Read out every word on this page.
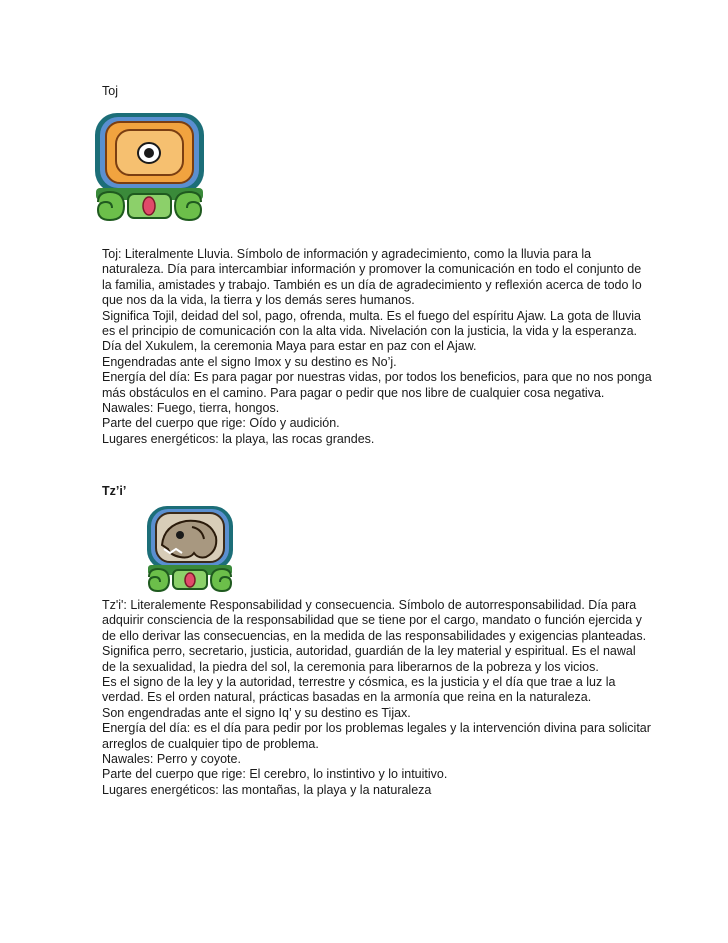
Toj
Toj: Literalmente Lluvia. Símbolo de información y agradecimiento, como la lluvia para la
naturaleza. Día para intercambiar información y promover la comunicación en todo el conjunto de
la familia, amistades y trabajo. También es un día de agradecimiento y reflexión acerca de todo lo
que nos da la vida, la tierra y los demás seres humanos.
Significa Tojil, deidad del sol, pago, ofrenda, multa. Es el fuego del espíritu Ajaw. La gota de lluvia
es el principio de comunicación con la alta vida. Nivelación con la justicia, la vida y la esperanza.
Día del Xukulem, la ceremonia Maya para estar en paz con el Ajaw.
Engendradas ante el signo Imox y su destino es No’j.
Energía del día: Es para pagar por nuestras vidas, por todos los beneficios, para que no nos ponga
más obstáculos en el camino. Para pagar o pedir que nos libre de cualquier cosa negativa.
Nawales: Fuego, tierra, hongos.
Parte del cuerpo que rige: Oído y audición.
Lugares energéticos: la playa, las rocas grandes.
Tz’i’
Tz'i': Literalemente Responsabilidad y consecuencia. Símbolo de autorresponsabilidad. Día para
adquirir consciencia de la responsabilidad que se tiene por el cargo, mandato o función ejercida y
de ello derivar las consecuencias, en la medida de las responsabilidades y exigencias planteadas.
Significa perro, secretario, justicia, autoridad, guardián de la ley material y espiritual. Es el nawal
de la sexualidad, la piedra del sol, la ceremonia para liberarnos de la pobreza y los vicios.
Es el signo de la ley y la autoridad, terrestre y cósmica, es la justicia y el día que trae a luz la
verdad. Es el orden natural, prácticas basadas en la armonía que reina en la naturaleza.
Son engendradas ante el signo Iq’ y su destino es Tijax.
Energía del día: es el día para pedir por los problemas legales y la intervención divina para solicitar
arreglos de cualquier tipo de problema.
Nawales: Perro y coyote.
Parte del cuerpo que rige: El cerebro, lo instintivo y lo intuitivo.
Lugares energéticos: las montañas, la playa y la naturaleza
